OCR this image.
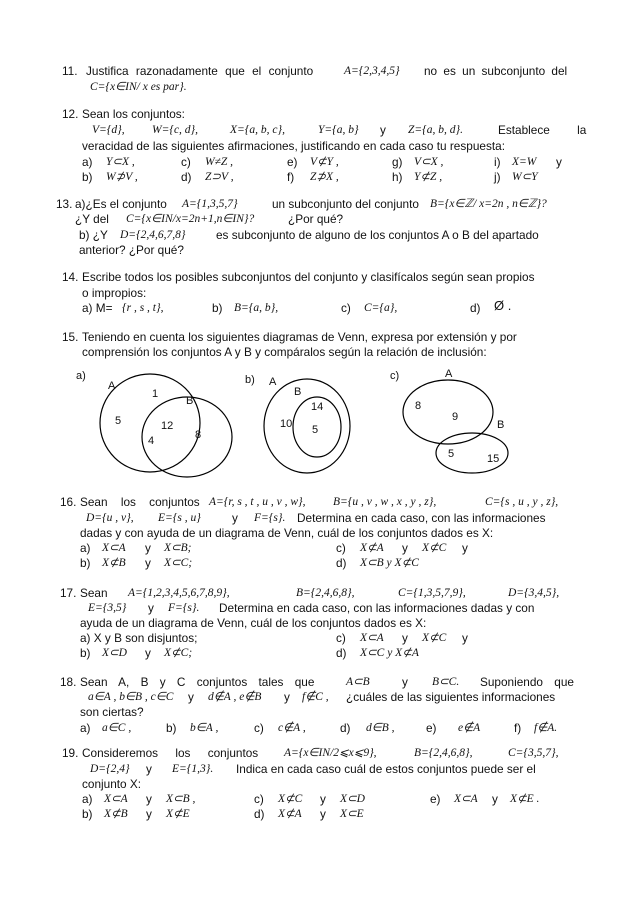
11. Justifica razonadamente que el conjunto	A={2,3,4,5} no es un subconjunto del
C={x∈IN/ x es par}.
12. Sean los conjuntos:
V={d}, W={c, d},	X={a, b, c},	Y={a, b} y Z={a, b, d}.	Establece la
veracidad de las siguientes afirmaciones, justificando en cada caso tu respuesta:
a) Y⊂X ,	c) W≠Z ,	e) V⊄Y ,	g) V⊂X ,	i) X=W y
b) W⊅V ,	d) Z⊃V ,	f) Z⊅X ,	h) Y⊄Z ,	j) W⊂Y
13. a)¿Es el conjunto A={1,3,5,7}	un subconjunto del conjunto B={x∈ℤ/ x=2n , n∈ℤ}?
¿Y del C={x∈IN/x=2n+1,n∈IN}?	¿Por qué?
b) ¿Y D={2,4,6,7,8}	es subconjunto de alguno de los conjuntos A o B del apartado
anterior? ¿Por qué?
14. Escribe todos los posibles subconjuntos del conjunto y clasifícalos según sean propios
o impropios:
a) M= {r , s , t},	b) B={a, b},	c) C={a},	d) Ø .
15. Teniendo en cuenta los siguientes diagramas de Venn, expresa por extensión y por
comprensión los conjuntos A y B y compáralos según la relación de inclusión:
a)
A
B
1
5	12
4	8
b) A
B
14
10 5
c)	A
8
9
B
5	15
16. Sean los conjuntos A={r, s , t , u , v , w}, B={u , v , w , x , y , z},	C={s , u , y , z},
D={u , v}, E={s , u}	y F={s}. Determina en cada caso, con las informaciones
dadas y con ayuda de un diagrama de Venn, cuál de los conjuntos dados es X:
a) X⊂A y X⊂B;	c) X⊄A y X⊄C y
b) X⊄B y X⊂C;	d) X⊂B y X⊄C
17. Sean A={1,2,3,4,5,6,7,8,9},	B={2,4,6,8},	C={1,3,5,7,9},	D={3,4,5},
E={3,5} y F={s}. Determina en cada caso, con las informaciones dadas y con
ayuda de un diagrama de Venn, cuál de los conjuntos dados es X:
a) X y B son disjuntos;	c) X⊂A y X⊄C y
b) X⊂D y X⊄C;	d) X⊂C y X⊄A
18. Sean A, B y C conjuntos tales que	A⊂B	y B⊂C. Suponiendo que
a∈A , b∈B , c∈C y d∉A , e∉B y f∉C , ¿cuáles de las siguientes informaciones
son ciertas?
a) a∈C ,	b) b∈A ,	c) c∉A ,	d) d∈B ,	e) e∉A	f) f∉A.
19. Consideremos los conjuntos A={x∈IN/2⩽x⩽9},	B={2,4,6,8},	C={3,5,7},
D={2,4} y E={1,3}. Indica en cada caso cuál de estos conjuntos puede ser el
conjunto X:
a) X⊂A y X⊂B ,	c) X⊄C y X⊂D	e) X⊂A y X⊄E .
b) X⊄B y X⊄E	d) X⊄A y X⊂E
